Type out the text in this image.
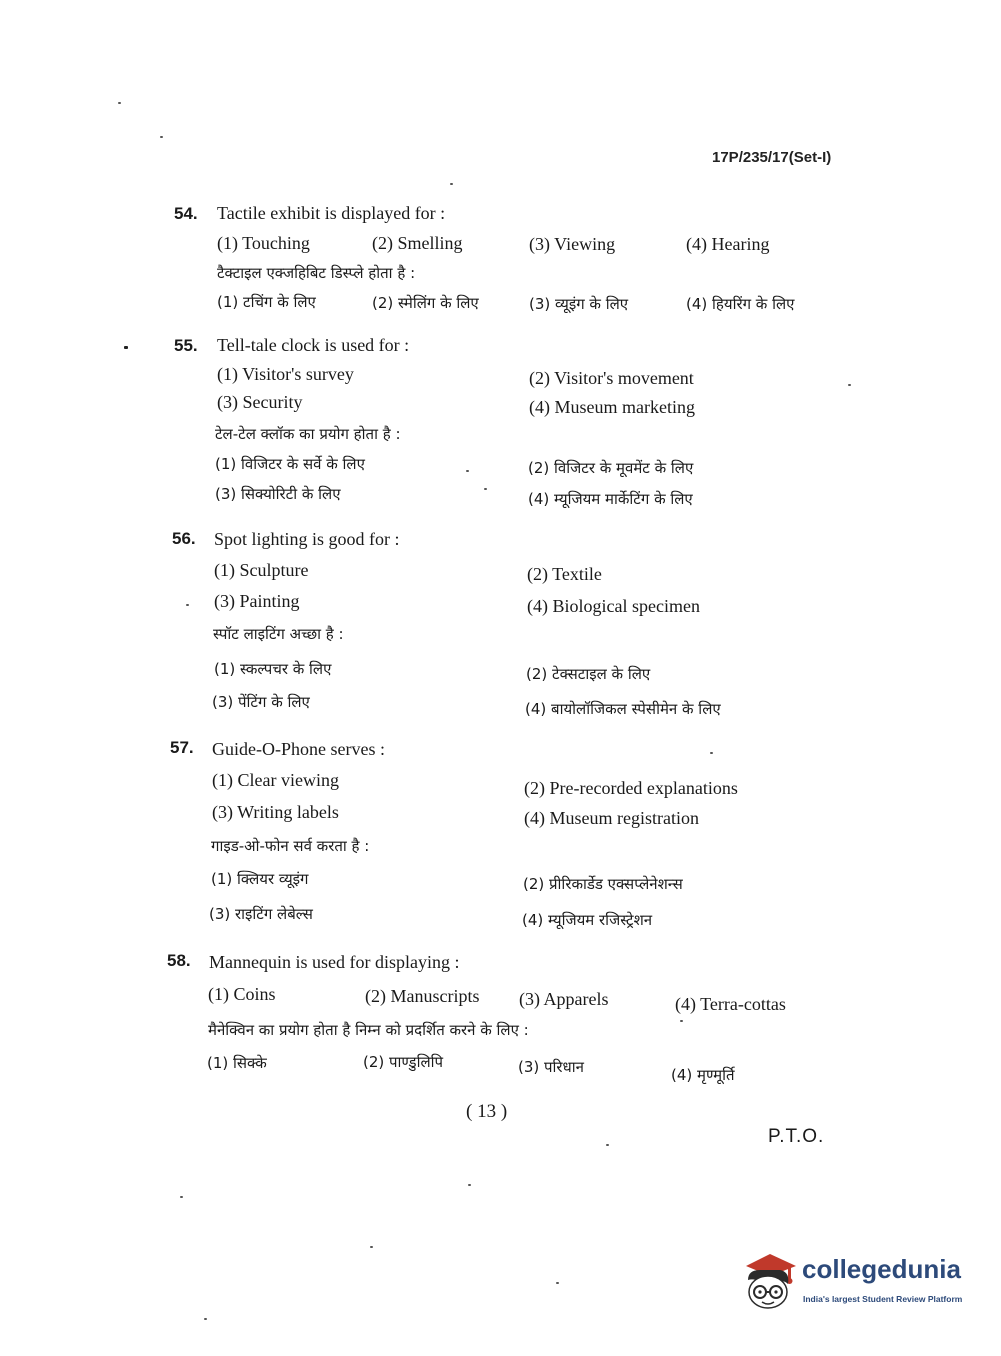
17P/235/17(Set-I)
54. Tactile exhibit is displayed for :
(1) Touching	(2) Smelling	(3) Viewing	(4) Hearing
टैक्टाइल एक्जहिबिट डिस्प्ले होता है :
(1) टचिंग के लिए	(2) स्मेलिंग के लिए	(3) व्यूइंग के लिए	(4) हियरिंग के लिए
55. Tell-tale clock is used for :
(1) Visitor's survey	(2) Visitor's movement
(3) Security	(4) Museum marketing
टेल-टेल क्लॉक का प्रयोग होता है :
(1) विजिटर के सर्वे के लिए	(2) विजिटर के मूवमेंट के लिए
(3) सिक्योरिटी के लिए	(4) म्यूजियम मार्केटिंग के लिए
56. Spot lighting is good for :
(1) Sculpture	(2) Textile
(3) Painting	(4) Biological specimen
स्पॉट लाइटिंग अच्छा है :
(1) स्कल्पचर के लिए	(2) टेक्सटाइल के लिए
(3) पेंटिंग के लिए	(4) बायोलॉजिकल स्पेसीमेन के लिए
57. Guide-O-Phone serves :
(1) Clear viewing	(2) Pre-recorded explanations
(3) Writing labels	(4) Museum registration
गाइड-ओ-फोन सर्व करता है :
(1) क्लियर व्यूइंग	(2) प्रीरिकार्डेड एक्सप्लेनेशन्स
(3) राइटिंग लेबेल्स	(4) म्यूजियम रजिस्ट्रेशन
58. Mannequin is used for displaying :
(1) Coins	(2) Manuscripts (3) Apparels	(4) Terra-cottas
मैनेक्विन का प्रयोग होता है निम्न को प्रदर्शित करने के लिए :
(1) सिक्के	(2) पाण्डुलिपि	(3) परिधान	(4) मृण्मूर्ति
( 13 )
P.T.O.
collegedunia
India's largest Student Review Platform
